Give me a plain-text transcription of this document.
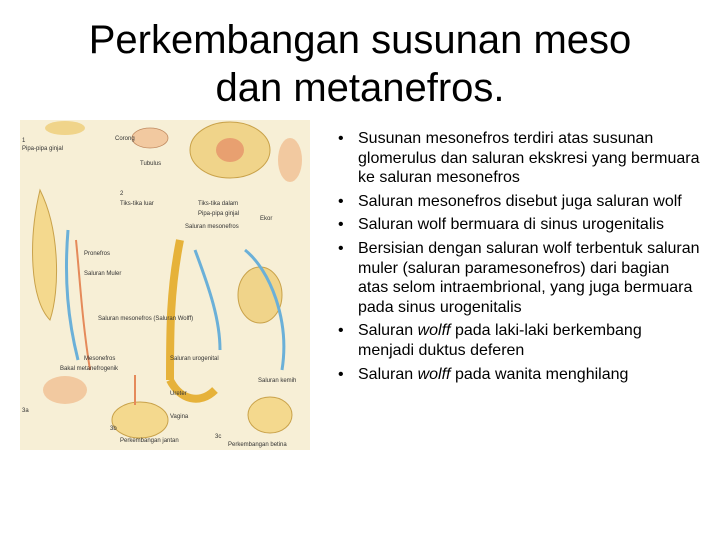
Perkembangan susunan meso
dan metanefros.
1
2
3a
3b
3c
Pipa-pipa ginjal
Corong
Tubulus
Tiks-tika luar	Tiks-tika dalam
Pipa-pipa ginjal
Saluran mesonefros
Ekor
Pronefros
Saluran Muler
Mesonefros
Saluran mesonefros (Saluran Wolff)
Saluran urogenital
Ureter
Vagina
Saluran kemih
Bakal metanefrogenik
Perkembangan jantan
Perkembangan betina
• Susunan mesonefros terdiri atas susunan glomerulus dan saluran ekskresi yang bermuara ke saluran mesonefros
• Saluran mesonefros disebut juga saluran wolf
• Saluran wolf bermuara di sinus urogenitalis
• Bersisian dengan saluran wolf terbentuk saluran muler (saluran paramesonefros) dari bagian atas selom intraembrional, yang juga bermuara pada sinus urogenitalis
• Saluran wolff pada laki-laki berkembang menjadi duktus deferen
• Saluran wolff pada wanita menghilang
